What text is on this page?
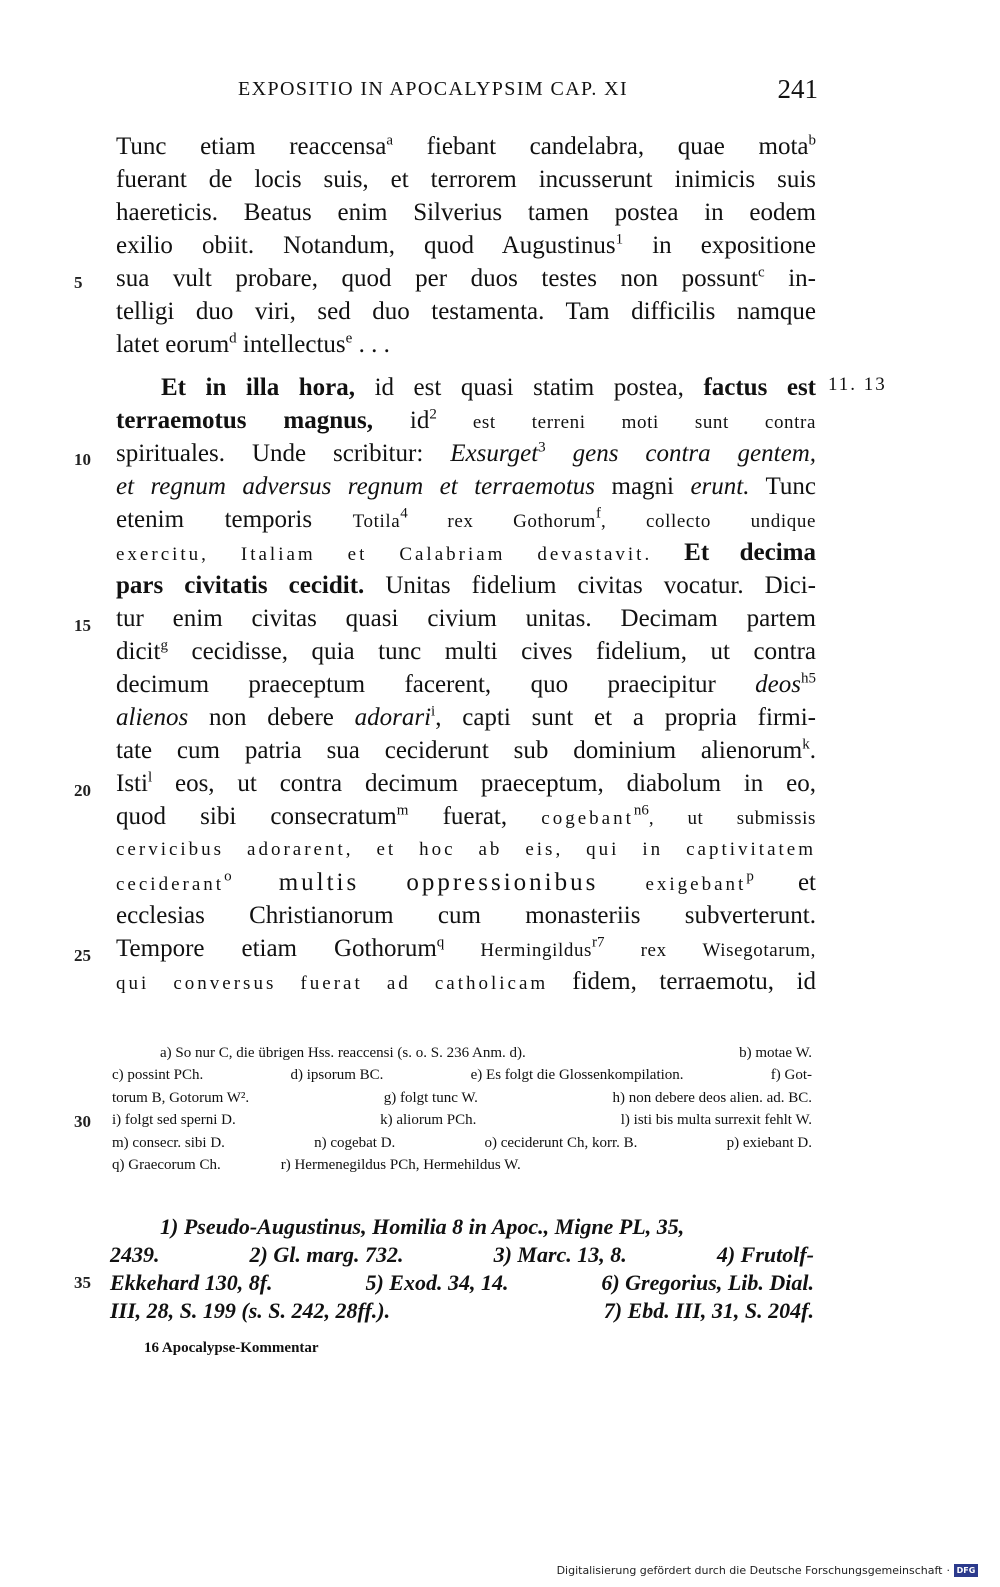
EXPOSITIO IN APOCALYPSIM CAP. XI	241
5
10
15
20
25
30
35
11. 13
Tunc etiam reaccensa$^a$ fiebant candelabra, quae mota$^b$
fuerant de locis suis, et terrorem incusserunt inimicis suis
haereticis. Beatus enim Silverius tamen postea in eodem
exilio obiit. Notandum, quod Augustinus$^1$ in expositione
sua vult probare, quod per duos testes non possunt$^c$ in-
telligi duo viri, sed duo testamenta. Tam difficilis namque
latet eorum$^d$ intellectus$^e$ . . .
Et in illa hora, id est quasi statim postea, factus est
terraemotus magnus, $id^2$ est terreni moti sunt contra
spirituales. Unde scribitur: Exsurget$^3$ gens contra gentem,
et regnum adversus regnum et terraemotus magni erunt. Tunc
etenim temporis Totila$^4$ rex Gothorum$^f$, collecto undique
exercitu, Italiam et Calabriam devastavit. Et decima
pars civitatis cecidit. Unitas fidelium civitas vocatur. Dici-
tur enim civitas quasi civium unitas. Decimam partem
dicit$^g$ cecidisse, quia tunc multi cives fidelium, ut contra
decimum praeceptum facerent, quo praecipitur deos$^{h5}$
alienos non debere adorari$^i$, capti sunt et a propria firmi-
tate cum patria sua ceciderunt sub dominium alienorum$^k$.
Isti$^l$ eos, ut contra decimum praeceptum, diabolum in eo,
quod sibi consecratum$^m$ fuerat, cogebant$^{n6}$, ut submissis
cervicibus adorarent, et hoc ab eis, qui in captivitatem
ceciderant$^o$ multis oppressionibus exigebant$^p$ et
ecclesias Christianorum cum monasteriis subverterunt.
Tempore etiam Gothorum$^q$ Hermingildus$^{r7}$ rex Wisegotarum,
qui conversus fuerat ad catholicam fidem, terraemotu, id
a) So nur C, die übrigen Hss. reaccensi (s. o. S. 236 Anm. d).	b) motae W.
c) possint PCh.	d) ipsorum BC.	e) Es folgt die Glossenkompilation.	f) Got-
torum B, Gotorum W².	g) folgt tunc W.	h) non debere deos alien. ad. BC.
i) folgt sed sperni D.	k) aliorum PCh.	l) isti bis multa surrexit fehlt W.
m) consecr. sibi D.	n) cogebat D.	o) ceciderunt Ch, korr. B.	p) exiebant D.
q) Graecorum Ch.	r) Hermenegildus PCh, Hermehildus W.
1) Pseudo-Augustinus, Homilia 8 in Apoc., Migne PL, 35,
2439.	2) Gl. marg. 732.	3) Marc. 13, 8.	4) Frutolf-
Ekkehard 130, 8f.	5) Exod. 34, 14.	6) Gregorius, Lib. Dial.
III, 28, S. 199 (s. S. 242, 28ff.).	7) Ebd. III, 31, S. 204f.
16 Apocalypse-Kommentar
Digitalisierung gefördert durch die Deutsche Forschungsgemeinschaft · DFG
